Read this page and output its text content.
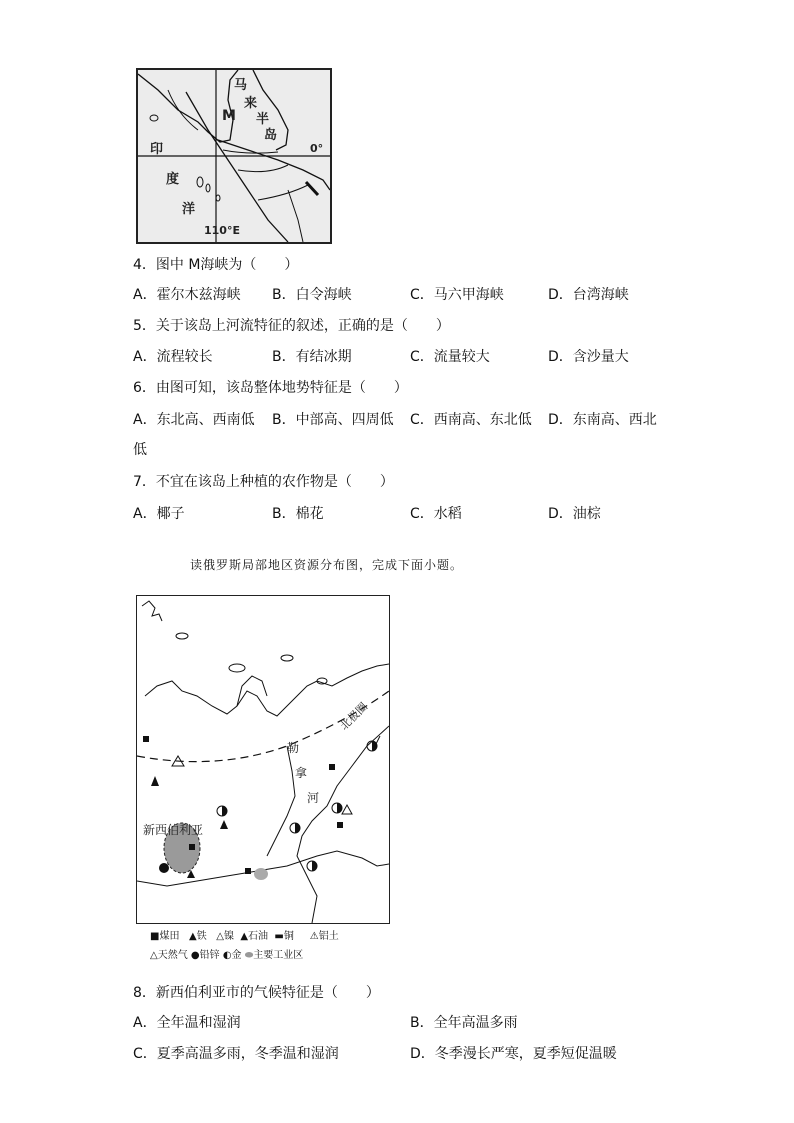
马
来
半
岛
M
印
度
洋
0°
110°E
4．图中 M海峡为（　　）
A．霍尔木兹海峡 B．白令海峡	C．马六甲海峡	D．台湾海峡
5．关于该岛上河流特征的叙述，正确的是（　　）
A．流程较长	B．有结冰期	C．流量较大	D．含沙量大
6．由图可知，该岛整体地势特征是（　　）
A．东北高、西南低 B．中部高、四周低 C．西南高、东北低 D．东南高、西北
低
7．不宜在该岛上种植的农作物是（　　）
A．椰子	B．棉花	C．水稻	D．油棕
读俄罗斯局部地区资源分布图，完成下面小题。
北极圈
勒
拿
河
新西伯利亚
■煤田 ▲铁 △镍 ▲石油 ▬铜 ⚠铝土
△天然气 ●铅锌 ◐金 ⬬主要工业区
8．新西伯利亚市的气候特征是（　　）
A．全年温和湿润	B．全年高温多雨
C．夏季高温多雨，冬季温和湿润	D．冬季漫长严寒，夏季短促温暖
